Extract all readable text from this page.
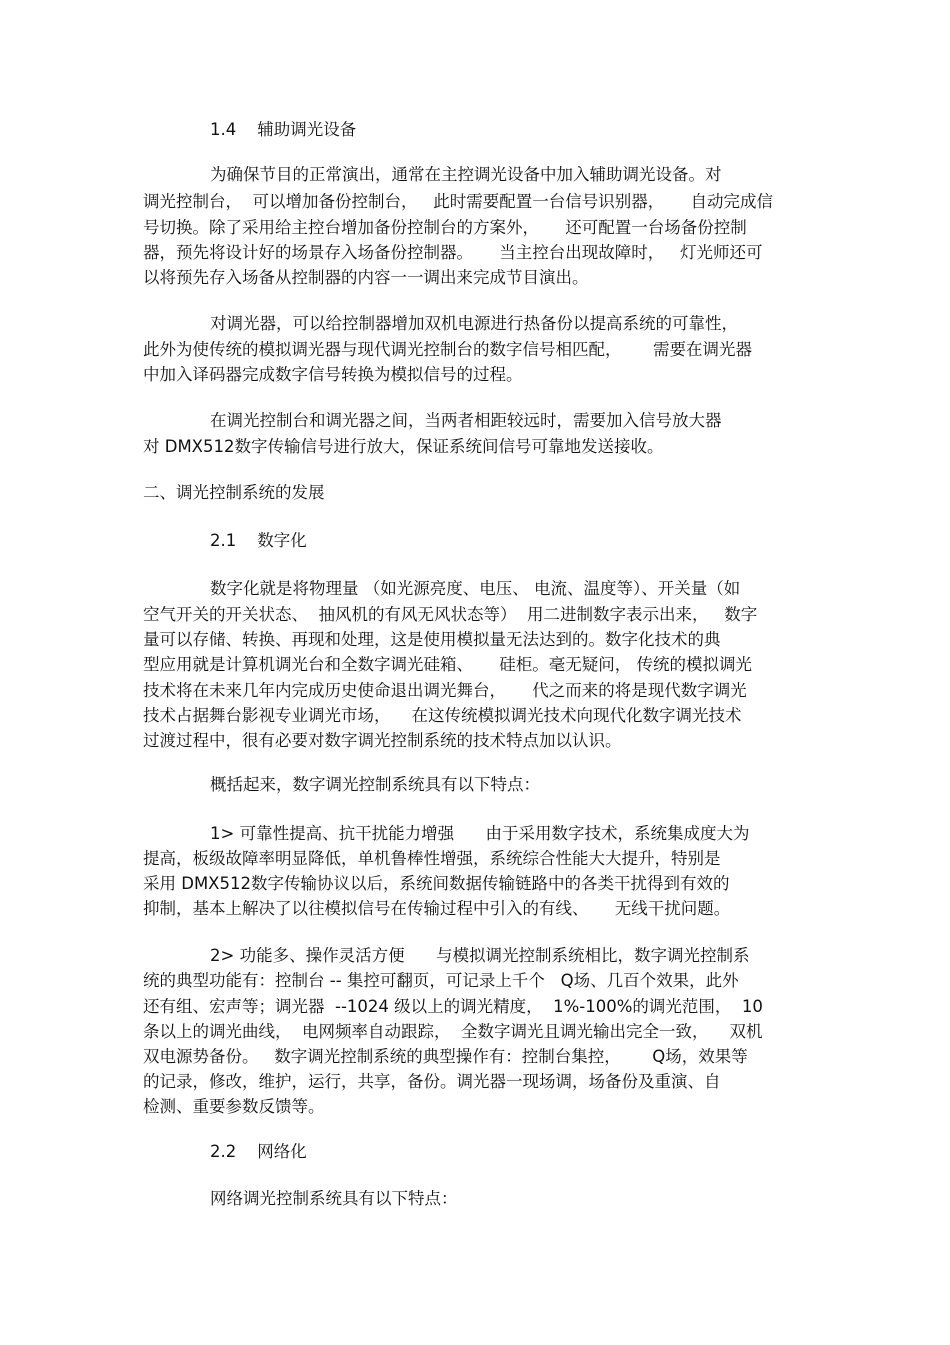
1.4    辅助调光设备

为确保节目的正常演出，通常在主控调光设备中加入辅助调光设备。对

调光控制台，  可以增加备份控制台，   此时需要配置一台信号识别器，     自动完成信

号切换。除了采用给主控台增加备份控制台的方案外，     还可配置一台场备份控制

器，预先将设计好的场景存入场备份控制器。     当主控台出现故障时，   灯光师还可

以将预先存入场备从控制器的内容一一调出来完成节目演出。

对调光器，可以给控制器增加双机电源进行热备份以提高系统的可靠性，

此外为使传统的模拟调光器与现代调光控制台的数字信号相匹配，      需要在调光器

中加入译码器完成数字信号转换为模拟信号的过程。

在调光控制台和调光器之间，当两者相距较远时，需要加入信号放大器

对 DMX512数字传输信号进行放大，保证系统间信号可靠地发送接收。

二、调光控制系统的发展

2.1    数字化

数字化就是将物理量 （如光源亮度、电压、 电流、温度等）、开关量（如

空气开关的开关状态、  抽风机的有风无风状态等）  用二进制数字表示出来，   数字

量可以存储、转换、再现和处理，这是使用模拟量无法达到的。数字化技术的典

型应用就是计算机调光台和全数字调光硅箱、     硅柜。毫无疑问， 传统的模拟调光

技术将在未来几年内完成历史使命退出调光舞台，     代之而来的将是现代数字调光

技术占据舞台影视专业调光市场，    在这传统模拟调光技术向现代化数字调光技术

过渡过程中，很有必要对数字调光控制系统的技术特点加以认识。

概括起来，数字调光控制系统具有以下特点：

1> 可靠性提高、抗干扰能力增强      由于采用数字技术，系统集成度大为

提高，板级故障率明显降低，单机鲁棒性增强，系统综合性能大大提升，特别是

采用 DMX512数字传输协议以后，系统间数据传输链路中的各类干扰得到有效的

抑制，基本上解决了以往模拟信号在传输过程中引入的有线、     无线干扰问题。

2> 功能多、操作灵活方便      与模拟调光控制系统相比，数字调光控制系

统的典型功能有：控制台 -- 集控可翻页，可记录上千个   Q场、几百个效果，此外

还有组、宏声等；调光器  --1024 级以上的调光精度，  1%-100%的调光范围，  10

条以上的调光曲线，  电网频率自动跟踪，  全数字调光且调光输出完全一致，    双机

双电源势备份。   数字调光控制系统的典型操作有：控制台集控，      Q场，效果等

的记录，修改，维护，运行，共享，备份。调光器一现场调，场备份及重演、自

检测、重要参数反馈等。

2.2    网络化

网络调光控制系统具有以下特点：
